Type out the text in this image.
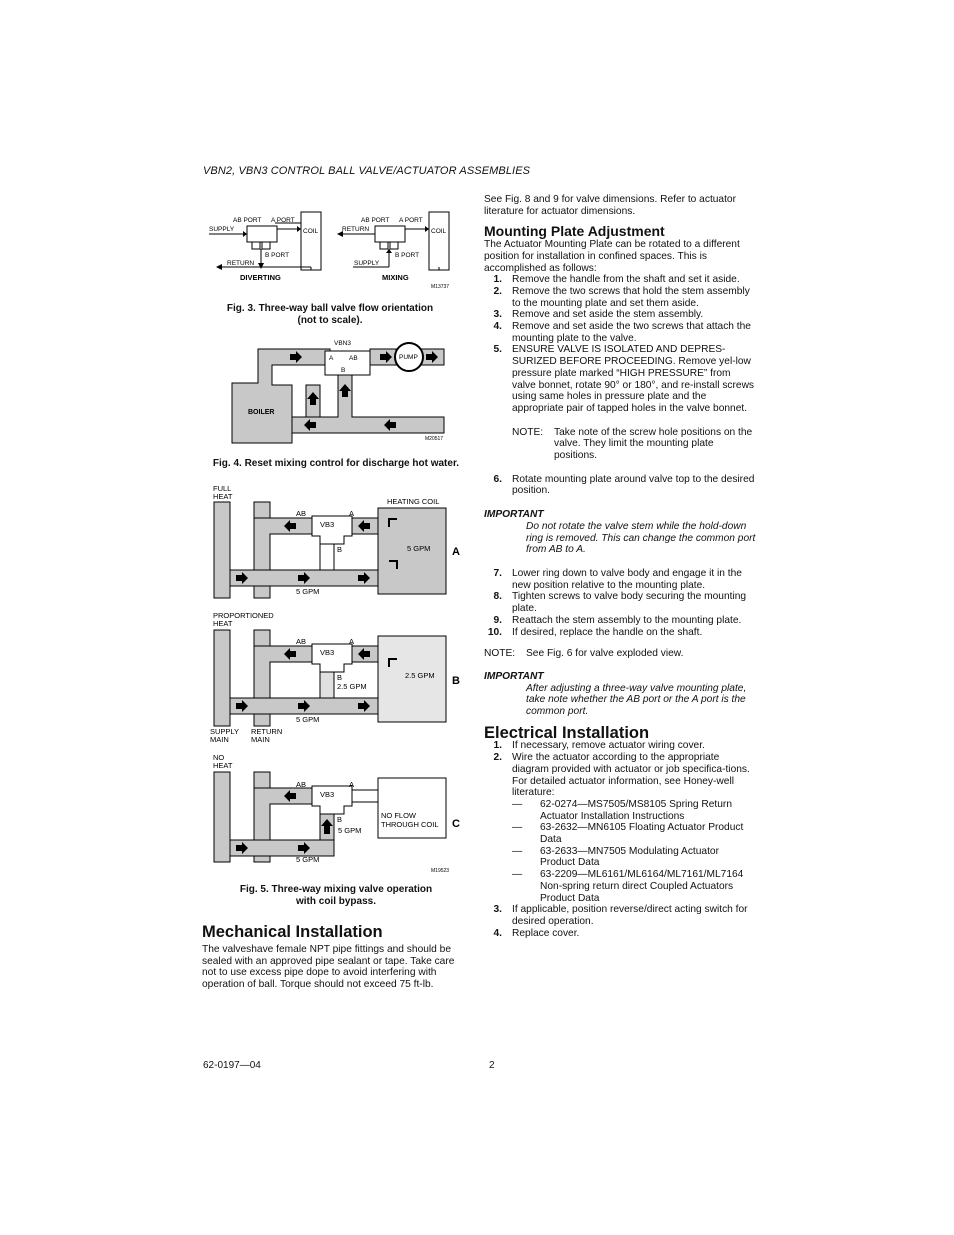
VBN2, VBN3 CONTROL BALL VALVE/ACTUATOR ASSEMBLIES
AB PORT A PORT
SUPPLY	COIL
B PORT
RETURN
AB PORT A PORT
RETURN	COIL
B PORT
SUPPLY
M13737
DIVERTING	MIXING
Fig. 3. Three-way ball valve flow orientation
(not to scale).
VBN3
A AB
B
PUMP
M20517
BOILER
Fig. 4. Reset mixing control for discharge hot water.
FULL
HEAT
HEATING COIL
AB	A
VB3
B	5 GPM
5 GPM
A
PROPORTIONED
HEAT
AB	A
VB3
B
2.5 GPM
2.5 GPM
5 GPM
SUPPLY
MAIN
RETURN
MAIN
B
NO
HEAT
AB	A
VB3
B
5 GPM
NO FLOW
THROUGH COIL
5 GPM
M19523
C
Fig. 5. Three-way mixing valve operation
with coil bypass.
Mechanical Installation
The valveshave female NPT pipe fittings and should be sealed with an approved pipe sealant or tape. Take care not to use excess pipe dope to avoid interfering with operation of ball. Torque should not exceed 75 ft-lb.
See Fig. 8 and 9 for valve dimensions. Refer to actuator literature for actuator dimensions.
Mounting Plate Adjustment
The Actuator Mounting Plate can be rotated to a different position for installation in confined spaces. This is accomplished as follows:
1. Remove the handle from the shaft and set it aside.
2. Remove the two screws that hold the stem assembly to the mounting plate and set them aside.
3. Remove and set aside the stem assembly.
4. Remove and set aside the two screws that attach the mounting plate to the valve.
5. ENSURE VALVE IS ISOLATED AND DEPRES-SURIZED BEFORE PROCEEDING. Remove yel-low pressure plate marked “HIGH PRESSURE” from valve bonnet, rotate 90° or 180°, and re-install screws using same holes in pressure plate and the appropriate pair of tapped holes in the valve bonnet.
NOTE: Take note of the screw hole positions on the valve. They limit the mounting plate positions.
6. Rotate mounting plate around valve top to the desired position.
IMPORTANT
Do not rotate the valve stem while the hold-down ring is removed. This can change the common port from AB to A.
7. Lower ring down to valve body and engage it in the new position relative to the mounting plate.
8. Tighten screws to valve body securing the mounting plate.
9. Reattach the stem assembly to the mounting plate.
10. If desired, replace the handle on the shaft.
NOTE: See Fig. 6 for valve exploded view.
IMPORTANT
After adjusting a three-way valve mounting plate, take note whether the AB port or the A port is the common port.
Electrical Installation
1. If necessary, remove actuator wiring cover.
2. Wire the actuator according to the appropriate diagram provided with actuator or job specifica-tions. For detailed actuator information, see Honey-well literature:
— 62-0274—MS7505/MS8105 Spring Return Actuator Installation Instructions
— 63-2632—MN6105 Floating Actuator Product Data
— 63-2633—MN7505 Modulating Actuator Product Data
— 63-2209—ML6161/ML6164/ML7161/ML7164 Non-spring return direct Coupled Actuators Product Data
3. If applicable, position reverse/direct acting switch for desired operation.
4. Replace cover.
62-0197—04	2
